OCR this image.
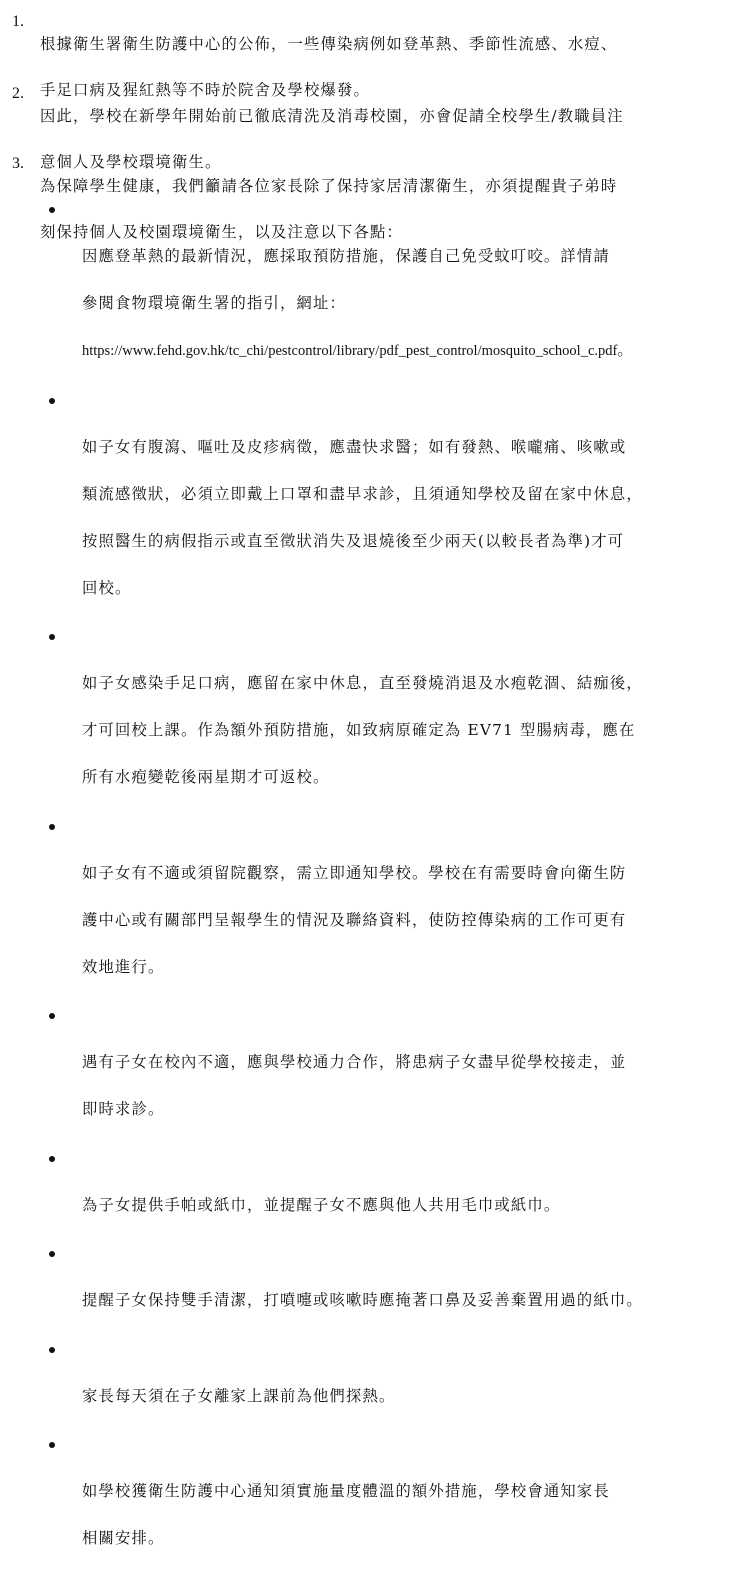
1.

根據衛生署衛生防護中心的公佈，一些傳染病例如登革熱、季節性流感、水痘、

手足口病及猩紅熱等不時於院舍及學校爆發。

2.

因此，學校在新學年開始前已徹底清洗及消毒校園，亦會促請全校學生/教職員注

意個人及學校環境衛生。

3.

為保障學生健康，我們籲請各位家長除了保持家居清潔衛生，亦須提醒貴子弟時

刻保持個人及校園環境衛生，以及注意以下各點：

因應登革熱的最新情況，應採取預防措施，保護自己免受蚊叮咬。詳情請

參閱食物環境衛生署的指引，網址：

https://www.fehd.gov.hk/tc_chi/pestcontrol/library/pdf_pest_control/mosquito_school_c.pdf。

如子女有腹瀉、嘔吐及皮疹病徵，應盡快求醫；如有發熱、喉嚨痛、咳嗽或

類流感徵狀，必須立即戴上口罩和盡早求診，且須通知學校及留在家中休息，

按照醫生的病假指示或直至徵狀消失及退燒後至少兩天(以較長者為準)才可

回校。

如子女感染手足口病，應留在家中休息，直至發燒消退及水疱乾涸、結痂後，

才可回校上課。作為額外預防措施，如致病原確定為 EV71 型腸病毒，應在

所有水疱變乾後兩星期才可返校。

如子女有不適或須留院觀察，需立即通知學校。學校在有需要時會向衛生防

護中心或有關部門呈報學生的情況及聯絡資料，使防控傳染病的工作可更有

效地進行。

遇有子女在校內不適，應與學校通力合作，將患病子女盡早從學校接走，並

即時求診。

為子女提供手帕或紙巾，並提醒子女不應與他人共用毛巾或紙巾。

提醒子女保持雙手清潔，打噴嚏或咳嗽時應掩著口鼻及妥善棄置用過的紙巾。

家長每天須在子女離家上課前為他們探熱。

如學校獲衛生防護中心通知須實施量度體溫的額外措施，學校會通知家長

相關安排。
